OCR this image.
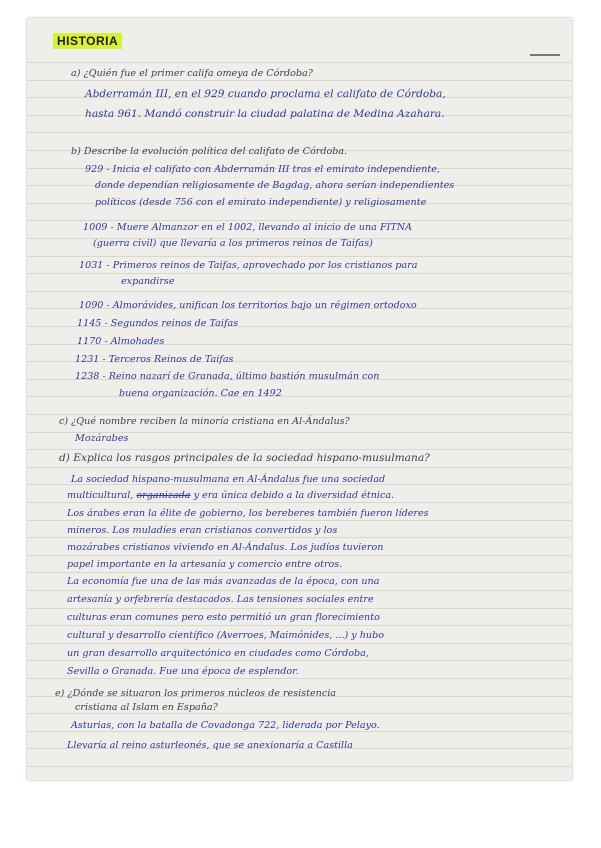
HISTORIA
a) ¿Quién fue el primer califa omeya de Córdoba?
Abderramán III, en el 929 cuando proclama el califato de Córdoba,
hasta 961. Mandó construir la ciudad palatina de Medina Azahara.
b) Describe la evolución política del califato de Córdoba.
929 - Inicia el califato con Abderramán III tras el emirato independiente,
donde dependían religiosamente de Bagdag, ahora serían independientes
políticos (desde 756 con el emirato independiente) y religiosamente
1009 - Muere Almanzor en el 1002, llevando al inicio de una FITNA
(guerra civil) que llevaría a los primeros reinos de Taifas)
1031 - Primeros reinos de Taifas, aprovechado por los cristianos para
expandirse
1090 - Almorávides, unifican los territorios bajo un régimen ortodoxo
1145 - Segundos reinos de Taifas
1170 - Almohades
1231 - Terceros Reinos de Taifas
1238 - Reino nazarí de Granada, último bastión musulmán con
buena organización. Cae en 1492
c) ¿Qué nombre reciben la minoría cristiana en Al-Ándalus?
Mozárabes
d) Explica los rasgos principales de la sociedad hispano-musulmana?
La sociedad hispano-musulmana en Al-Ándalus fue una sociedad
multicultural, organizada y era única debido a la diversidad étnica.
Los árabes eran la élite de gobierno, los bereberes también fueron líderes
mineros. Los muladíes eran cristianos convertidos y los
mozárabes cristianos viviendo en Al-Ándalus. Los judíos tuvieron
papel importante en la artesanía y comercio entre otros.
La economía fue una de las más avanzadas de la época, con una
artesanía y orfebrería destacados. Las tensiones sociales entre
culturas eran comunes pero esto permitió un gran florecimiento
cultural y desarrollo científico (Averroes, Maimónides, ...) y hubo
un gran desarrollo arquitectónico en ciudades como Córdoba,
Sevilla o Granada. Fue una época de esplendor.
e) ¿Dónde se situaron los primeros núcleos de resistencia
cristiana al Islam en España?
Asturias, con la batalla de Covadonga 722, liderada por Pelayo.
Llevaría al reino asturleonés, que se anexionaría a Castilla
